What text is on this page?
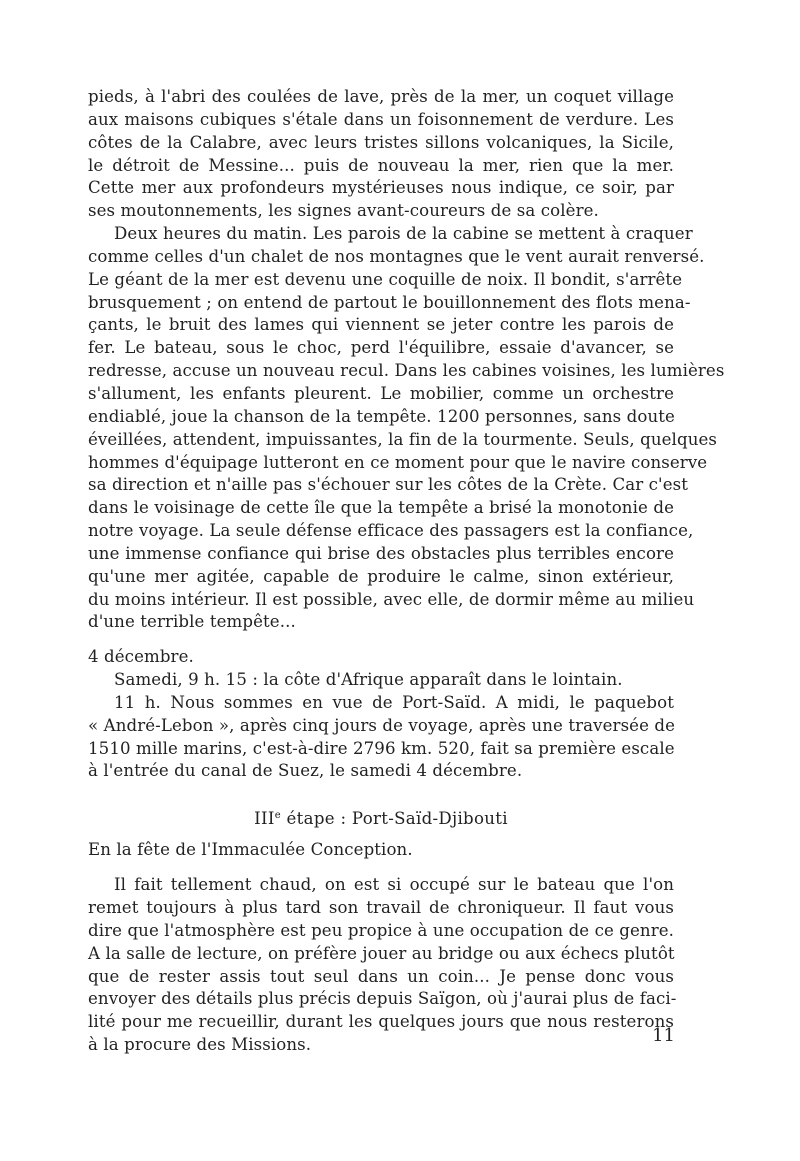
pieds, à l'abri des coulées de lave, près de la mer, un coquet village
aux maisons cubiques s'étale dans un foisonnement de verdure. Les
côtes de la Calabre, avec leurs tristes sillons volcaniques, la Sicile,
le détroit de Messine... puis de nouveau la mer, rien que la mer.
Cette mer aux profondeurs mystérieuses nous indique, ce soir, par
ses moutonnements, les signes avant-coureurs de sa colère.
Deux heures du matin. Les parois de la cabine se mettent à craquer
comme celles d'un chalet de nos montagnes que le vent aurait renversé.
Le géant de la mer est devenu une coquille de noix. Il bondit, s'arrête
brusquement ; on entend de partout le bouillonnement des flots mena-
çants, le bruit des lames qui viennent se jeter contre les parois de
fer. Le bateau, sous le choc, perd l'équilibre, essaie d'avancer, se
redresse, accuse un nouveau recul. Dans les cabines voisines, les lumières
s'allument, les enfants pleurent. Le mobilier, comme un orchestre
endiablé, joue la chanson de la tempête. 1200 personnes, sans doute
éveillées, attendent, impuissantes, la fin de la tourmente. Seuls, quelques
hommes d'équipage lutteront en ce moment pour que le navire conserve
sa direction et n'aille pas s'échouer sur les côtes de la Crète. Car c'est
dans le voisinage de cette île que la tempête a brisé la monotonie de
notre voyage. La seule défense efficace des passagers est la confiance,
une immense confiance qui brise des obstacles plus terribles encore
qu'une mer agitée, capable de produire le calme, sinon extérieur,
du moins intérieur. Il est possible, avec elle, de dormir même au milieu
d'une terrible tempête...
4 décembre.
Samedi, 9 h. 15 : la côte d'Afrique apparaît dans le lointain.
11 h. Nous sommes en vue de Port-Saïd. A midi, le paquebot
« André-Lebon », après cinq jours de voyage, après une traversée de
1510 mille marins, c'est-à-dire 2796 km. 520, fait sa première escale
à l'entrée du canal de Suez, le samedi 4 décembre.
IIIe étape : Port-Saïd-Djibouti
En la fête de l'Immaculée Conception.
Il fait tellement chaud, on est si occupé sur le bateau que l'on
remet toujours à plus tard son travail de chroniqueur. Il faut vous
dire que l'atmosphère est peu propice à une occupation de ce genre.
A la salle de lecture, on préfère jouer au bridge ou aux échecs plutôt
que de rester assis tout seul dans un coin... Je pense donc vous
envoyer des détails plus précis depuis Saïgon, où j'aurai plus de faci-
lité pour me recueillir, durant les quelques jours que nous resterons
à la procure des Missions.	11
